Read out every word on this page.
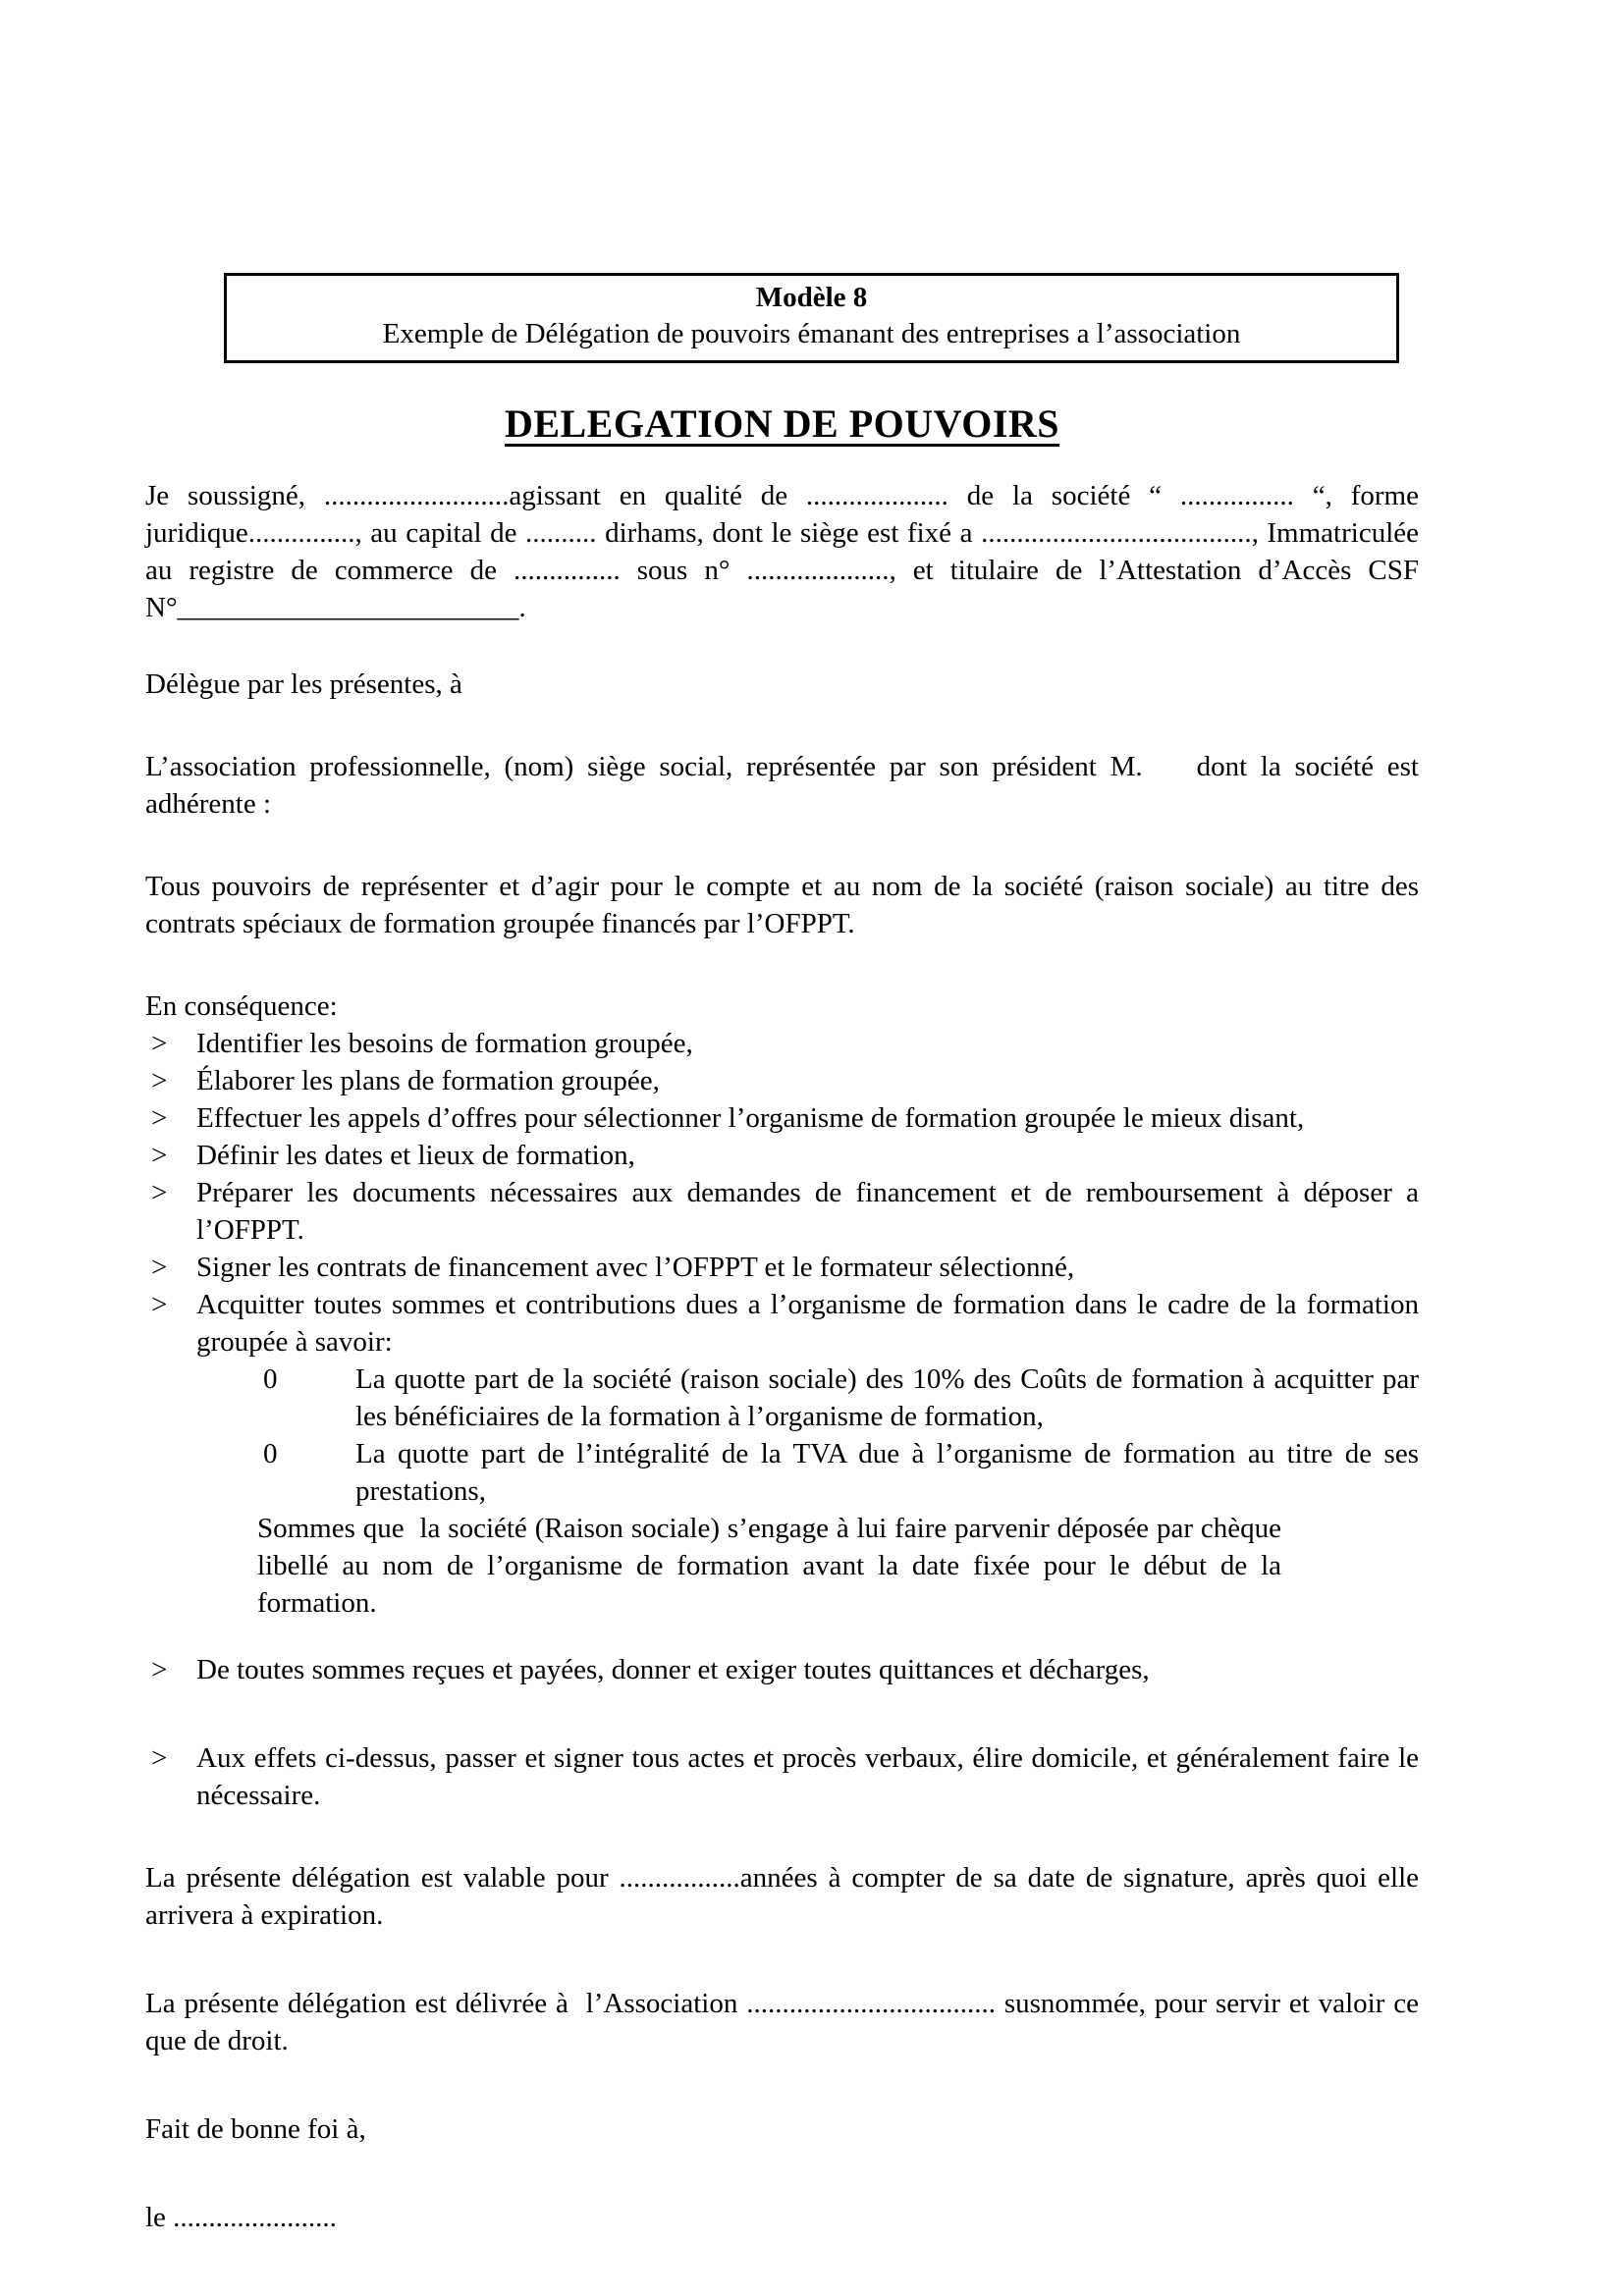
Modèle 8
Exemple de Délégation de pouvoirs émanant des entreprises a l’association
DELEGATION DE POUVOIRS

Je soussigné, ..........................agissant en qualité de .................... de la société “ ................ “, forme juridique..............., au capital de .......... dirhams, dont le siège est fixé a ......................................, Immatriculée au registre de commerce de ............... sous n° ...................., et titulaire de l’Attestation d’Accès CSF N°________________________.

Délègue par les présentes, à

L’association professionnelle, (nom) siège social, représentée par son président M.    dont la société est adhérente :

Tous pouvoirs de représenter et d’agir pour le compte et au nom de la société (raison sociale) au titre des contrats spéciaux de formation groupée financés par l’OFPPT.

En conséquence:

>	Identifier les besoins de formation groupée,
>	Élaborer les plans de formation groupée,
>	Effectuer les appels d’offres pour sélectionner l’organisme de formation groupée le mieux disant,
>	Définir les dates et lieux de formation,
>	Préparer les documents nécessaires aux demandes de financement et de remboursement à déposer a l’OFPPT.
>	Signer les contrats de financement avec l’OFPPT et le formateur sélectionné,
>	Acquitter toutes sommes et contributions dues a l’organisme de formation dans le cadre de la formation groupée à savoir:
0	La quotte part de la société (raison sociale) des 10% des Coûts de formation à acquitter par les bénéficiaires de la formation à l’organisme de formation,
0	La quotte part de l’intégralité de la TVA due à l’organisme de formation au titre de ses prestations,

Sommes que  la société (Raison sociale) s’engage à lui faire parvenir déposée par chèque libellé au nom de l’organisme de formation avant la date fixée pour le début de la formation.

>	De toutes sommes reçues et payées, donner et exiger toutes quittances et décharges,
>	Aux effets ci-dessus, passer et signer tous actes et procès verbaux, élire domicile, et généralement faire le nécessaire.

La présente délégation est valable pour .................années à compter de sa date de signature, après quoi elle arrivera à expiration.

La présente délégation est délivrée à  l’Association ................................... susnommée, pour servir et valoir ce que de droit.

Fait de bonne foi à,

le .......................
